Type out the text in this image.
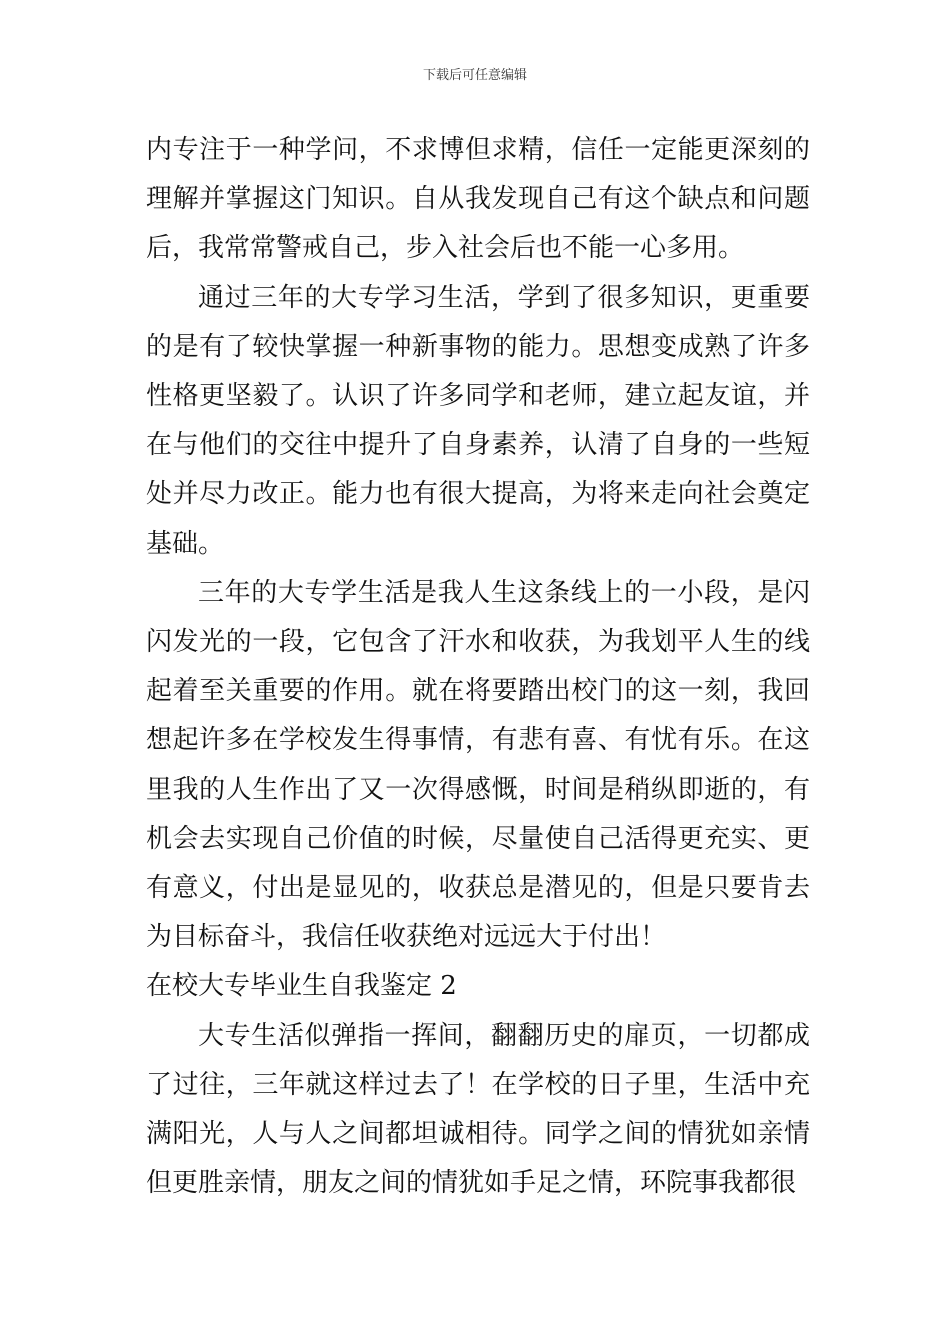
下载后可任意编辑

内专注于一种学问，不求博但求精，信任一定能更深刻的理解并掌握这门知识。自从我发现自己有这个缺点和问题后，我常常警戒自己，步入社会后也不能一心多用。

通过三年的大专学习生活，学到了很多知识，更重要的是有了较快掌握一种新事物的能力。思想变成熟了许多性格更坚毅了。认识了许多同学和老师，建立起友谊，并在与他们的交往中提升了自身素养，认清了自身的一些短处并尽力改正。能力也有很大提高，为将来走向社会奠定基础。

三年的大专学生活是我人生这条线上的一小段，是闪闪发光的一段，它包含了汗水和收获，为我划平人生的线起着至关重要的作用。就在将要踏出校门的这一刻，我回想起许多在学校发生得事情，有悲有喜、有忧有乐。在这里我的人生作出了又一次得感慨，时间是稍纵即逝的，有机会去实现自己价值的时候，尽量使自己活得更充实、更有意义，付出是显见的，收获总是潜见的，但是只要肯去为目标奋斗，我信任收获绝对远远大于付出！

在校大专毕业生自我鉴定 2

大专生活似弹指一挥间，翻翻历史的扉页，一切都成了过往，三年就这样过去了！在学校的日子里，生活中充满阳光，人与人之间都坦诚相待。同学之间的情犹如亲情但更胜亲情，朋友之间的情犹如手足之情，环院事我都很
